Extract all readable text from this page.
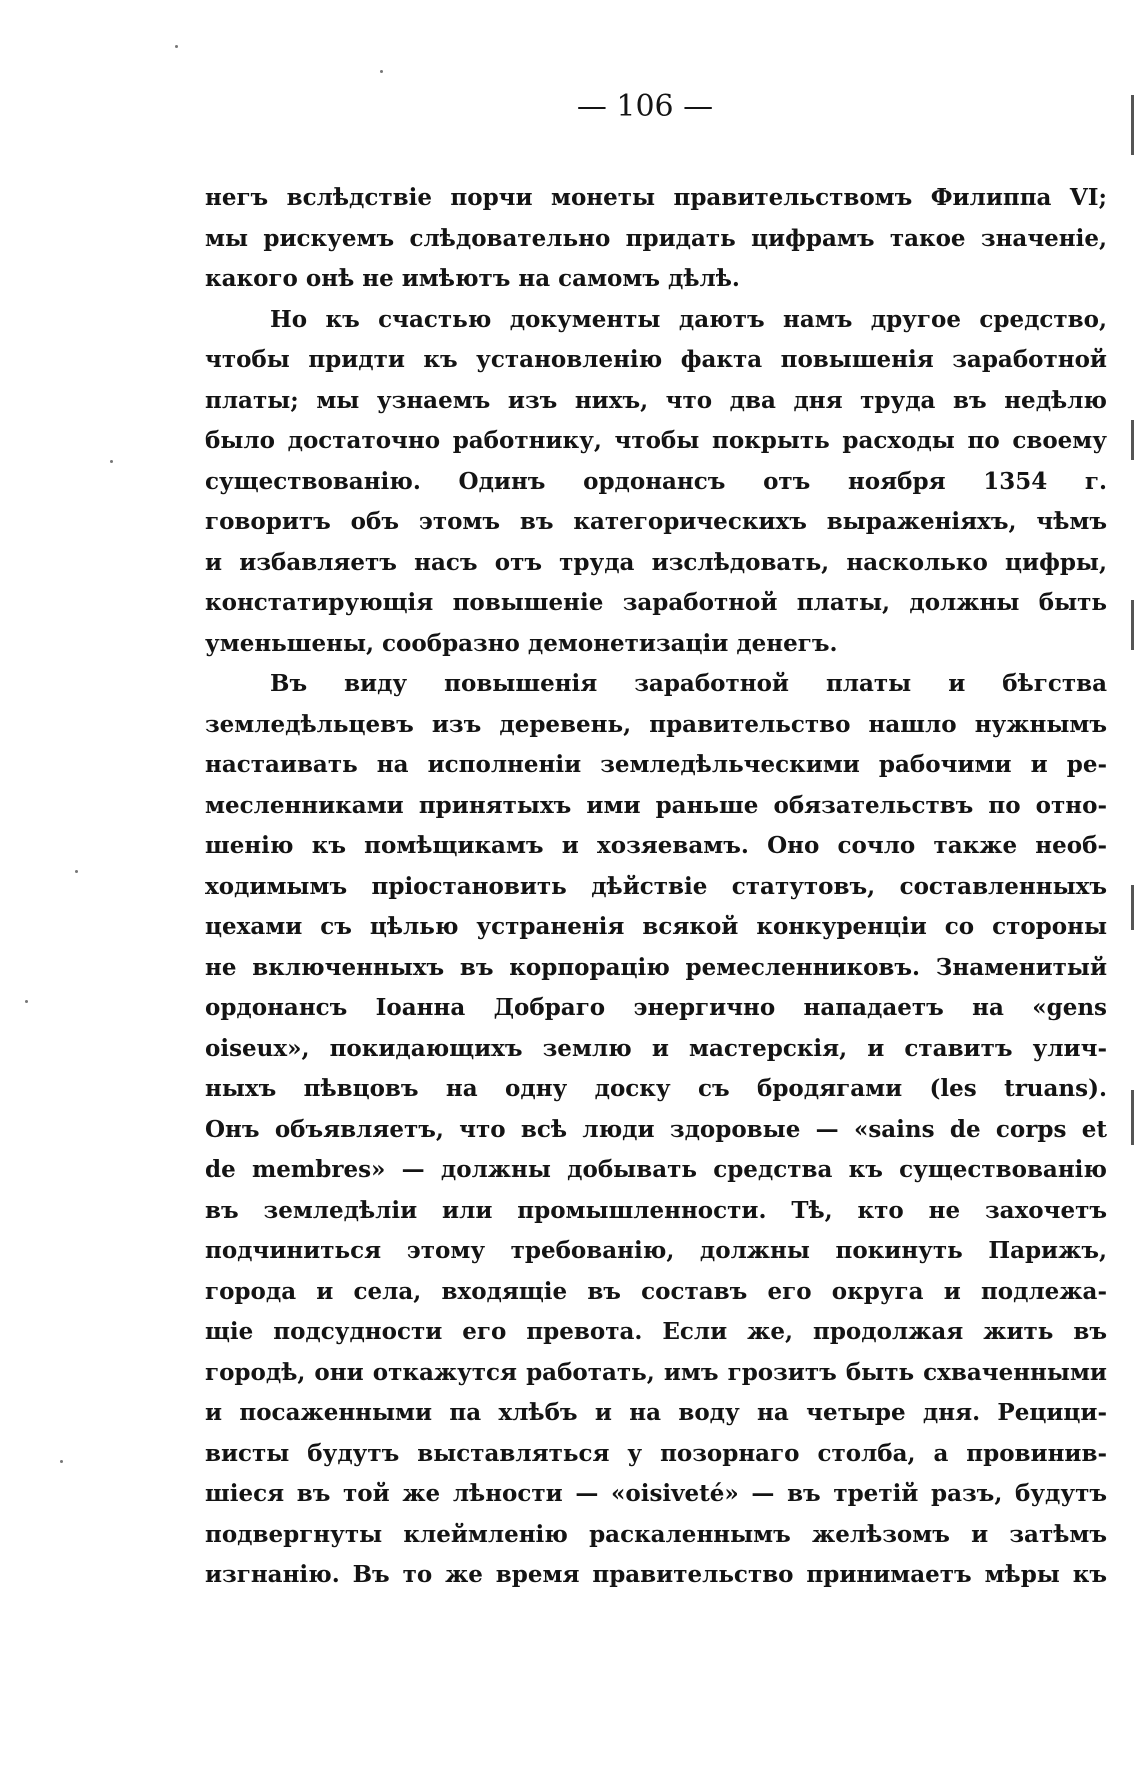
— 106 —

негъ вслѣдствіе порчи монеты правительствомъ Филиппа VI;
мы рискуемъ слѣдовательно придать цифрамъ такое значеніе,
какого онѣ не имѣютъ на самомъ дѣлѣ.

Но къ счастью документы даютъ намъ другое средство,
чтобы придти къ установленію факта повышенія заработной
платы; мы узнаемъ изъ нихъ, что два дня труда въ недѣлю
было достаточно работнику, чтобы покрыть расходы по своему
существованію. Одинъ ордонансъ отъ ноября 1354 г.
говоритъ объ этомъ въ категорическихъ выраженіяхъ, чѣмъ
и избавляетъ насъ отъ труда изслѣдовать, насколько цифры,
констатирующія повышеніе заработной платы, должны быть
уменьшены, сообразно демонетизаціи денегъ.

Въ виду повышенія заработной платы и бѣгства
земледѣльцевъ изъ деревень, правительство нашло нужнымъ
настаивать на исполненіи земледѣльческими рабочими и ре-
месленниками принятыхъ ими раньше обязательствъ по отно-
шенію къ помѣщикамъ и хозяевамъ. Оно сочло также необ-
ходимымъ пріостановить дѣйствіе статутовъ, составленныхъ
цехами съ цѣлью устраненія всякой конкуренціи со стороны
не включенныхъ въ корпорацію ремесленниковъ. Знаменитый
ордонансъ Іоанна Добраго энергично нападаетъ на «gens
oiseux», покидающихъ землю и мастерскія, и ставитъ улич-
ныхъ пѣвцовъ на одну доску съ бродягами (les truans).
Онъ объявляетъ, что всѣ люди здоровые — «sains de corps et
de membres» — должны добывать средства къ существованію
въ земледѣліи или промышленности. Тѣ, кто не захочетъ
подчиниться этому требованію, должны покинуть Парижъ,
города и села, входящіе въ составъ его округа и подлежа-
щіе подсудности его превота. Если же, продолжая жить въ
городѣ, они откажутся работать, имъ грозитъ быть схваченными
и посаженными па хлѣбъ и на воду на четыре дня. Рецици-
висты будутъ выставляться у позорнаго столба, а провинив-
шіеся въ той же лѣности — «oisiveté» — въ третій разъ, будутъ
подвергнуты клеймленію раскаленнымъ желѣзомъ и затѣмъ
изгнанію. Въ то же время правительство принимаетъ мѣры къ
